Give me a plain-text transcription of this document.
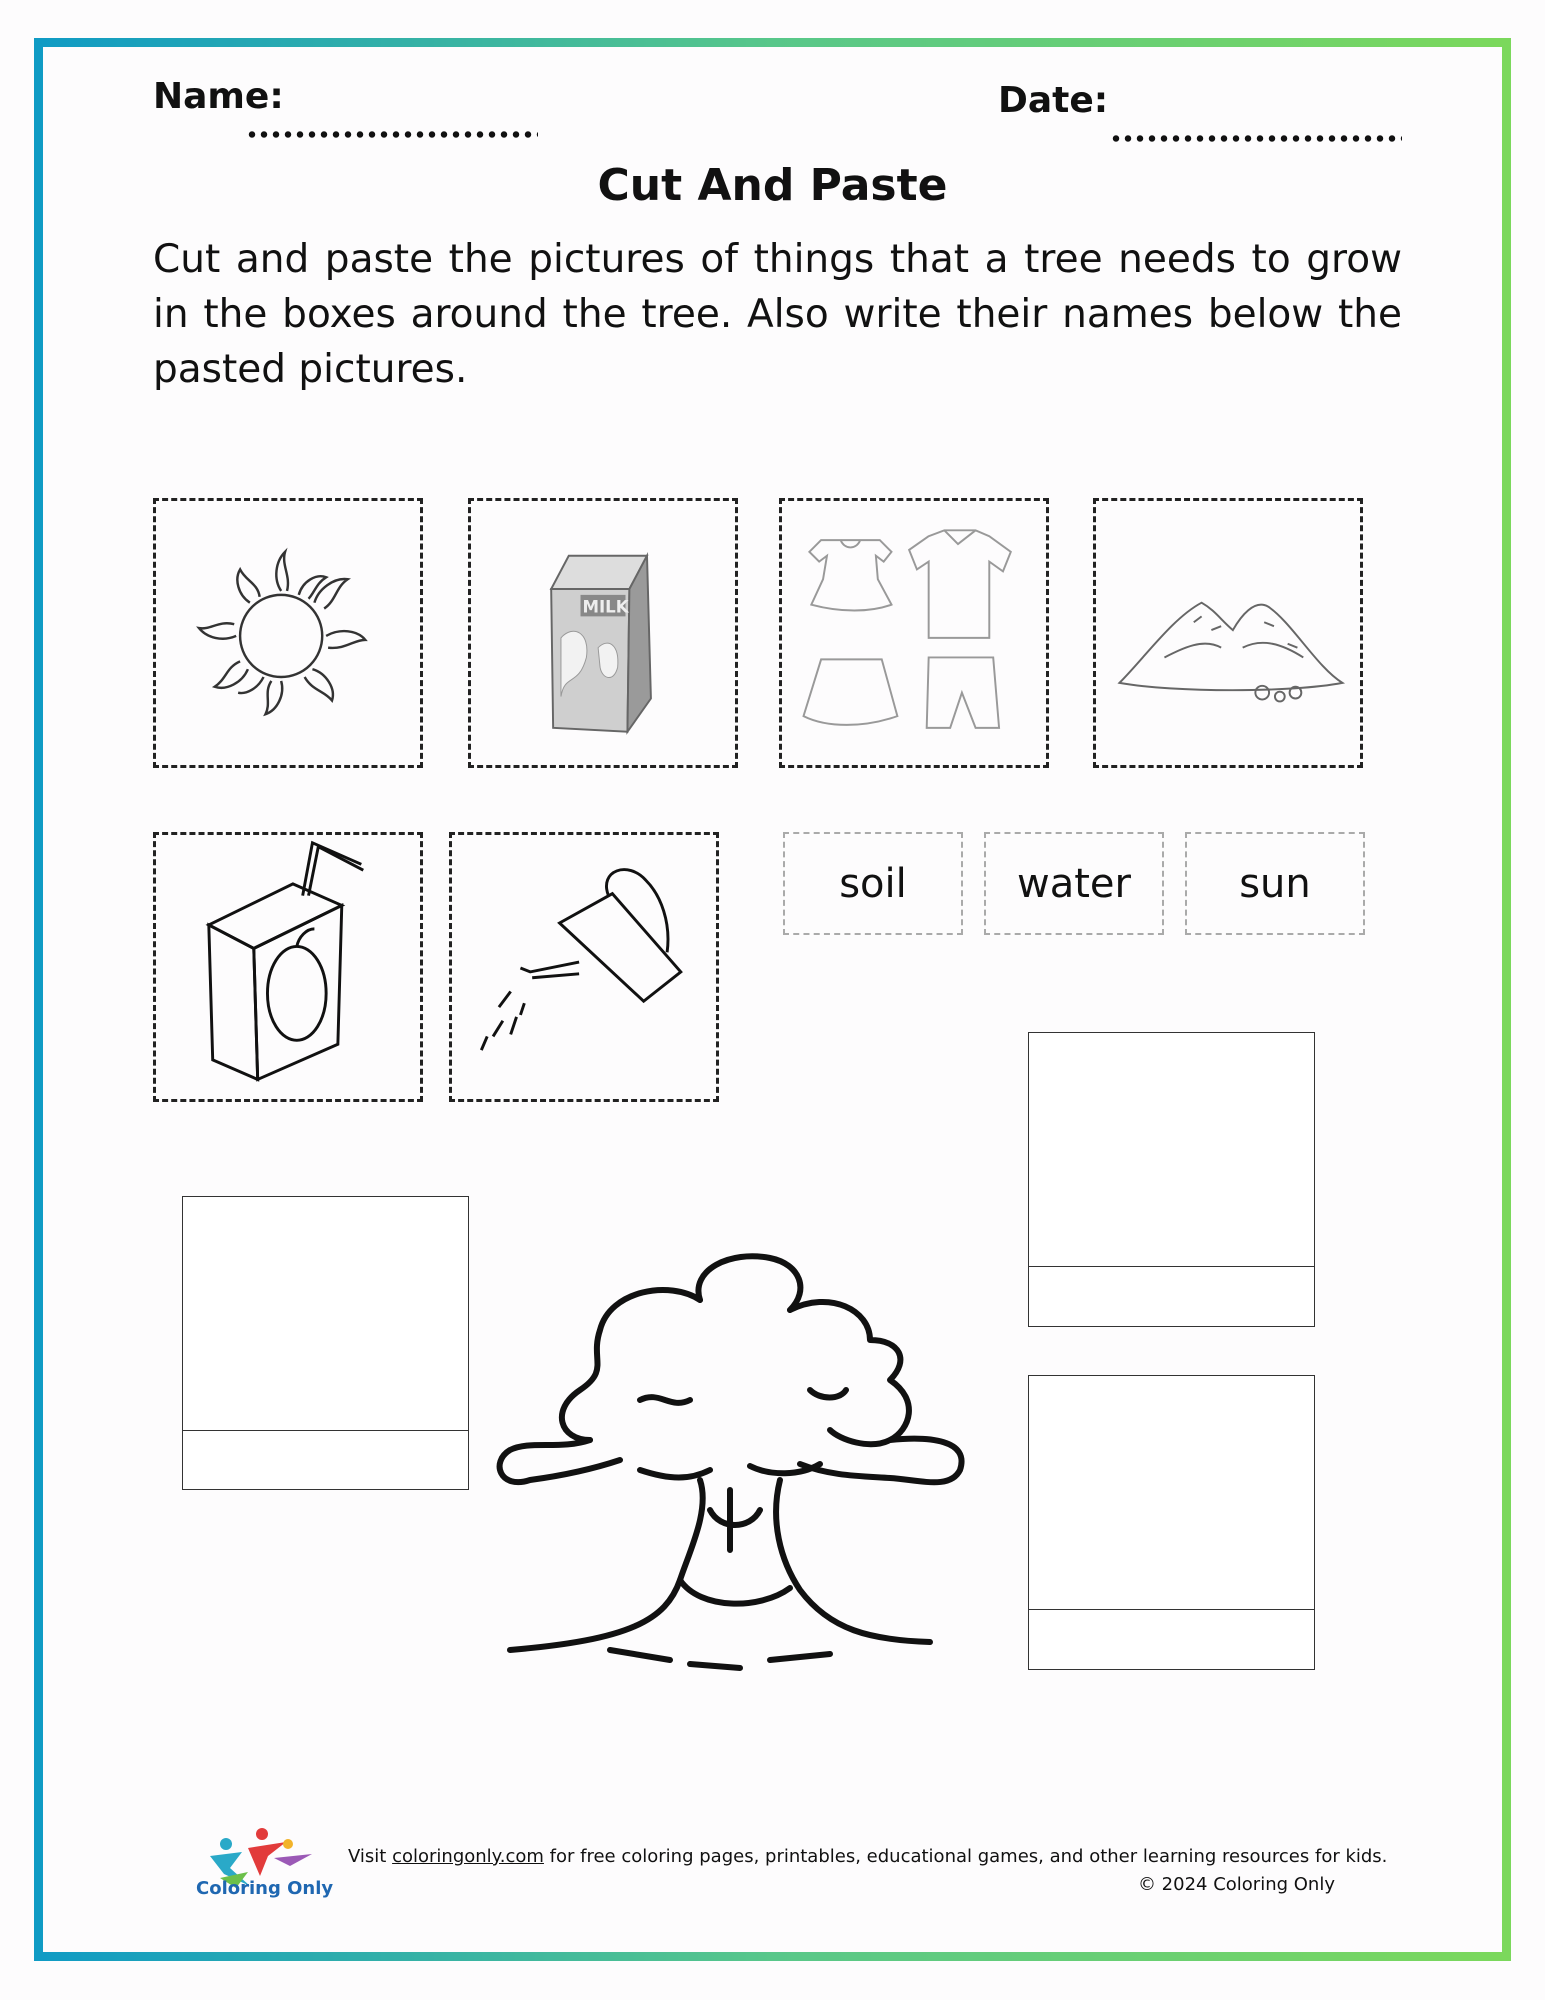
Name:	Date:
Cut And Paste
Cut and paste the pictures of things that a tree needs to grow in the boxes around the tree. Also write their names below the pasted pictures.
MILK
soil	water	sun
Coloring Only
Visit coloringonly.com for free coloring pages, printables, educational games, and other learning resources for kids.
© 2024 Coloring Only
